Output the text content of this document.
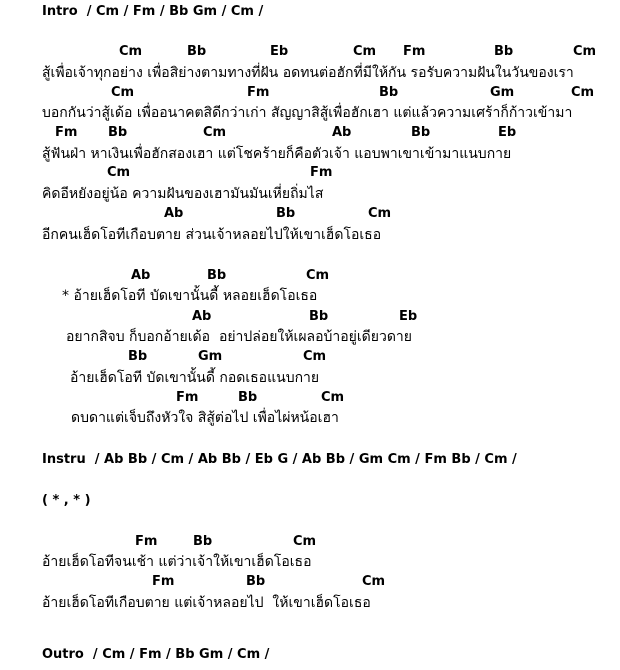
Intro  / Cm / Fm / Bb Gm / Cm /
Cm	Bb	Eb	Cm Fm	Bb	Cm
สู้เพื่อเจ้าทุกอย่าง เพื่อสิย่างตามทางที่ฝัน อดทนต่อฮักที่มีให้กัน รอรับความฝันในวันของเรา
Cm	Fm	Bb	Gm	Cm
บอกกันว่าสู้เด้อ เพื่ออนาคตสิดีกว่าเก่า สัญญาสิสู้เพื่อฮักเฮา แต่แล้วความเศร้าก็ก้าวเข้ามา
Fm Bb	Cm	Ab	Bb	Eb
สู้ฟันฝ่า หาเงินเพื่อฮักสองเฮา แต่โชคร้ายก็คือตัวเจ้า แอบพาเขาเข้ามาแนบกาย
Cm	Fm
คิดอีหยังอยู่น้อ ความฝันของเฮามันมันเหี่ยถิ่มไส
Ab	Bb	Cm
อีกคนเฮ็ดโอทีเกือบตาย ส่วนเจ้าหลอยไปให้เขาเฮ็ดโอเธอ
Ab	Bb	Cm
* อ้ายเฮ็ดโอที บัดเขานั้นดี้ หลอยเฮ็ดโอเธอ
Ab	Bb	Eb
อยากสิจบ ก็บอกอ้ายเด้อ  อย่าปล่อยให้เผลอบ้าอยู่เดียวดาย
Bb	Gm	Cm
อ้ายเฮ็ดโอที บัดเขานั้นดี้ กอดเธอแนบกาย
Fm	Bb	Cm
ดบดาแต่เจ็บถึงหัวใจ สิสู้ต่อไป เพื่อไผ่หน้อเฮา
Instru  / Ab Bb / Cm / Ab Bb / Eb G / Ab Bb / Gm Cm / Fm Bb / Cm /
( * , * )
Fm	Bb	Cm
อ้ายเฮ็ดโอทีจนเช้า แต่ว่าเจ้าให้เขาเฮ็ดโอเธอ
Fm	Bb	Cm
อ้ายเฮ็ดโอทีเกือบตาย แต่เจ้าหลอยไป  ให้เขาเฮ็ดโอเธอ
Outro  / Cm / Fm / Bb Gm / Cm /
